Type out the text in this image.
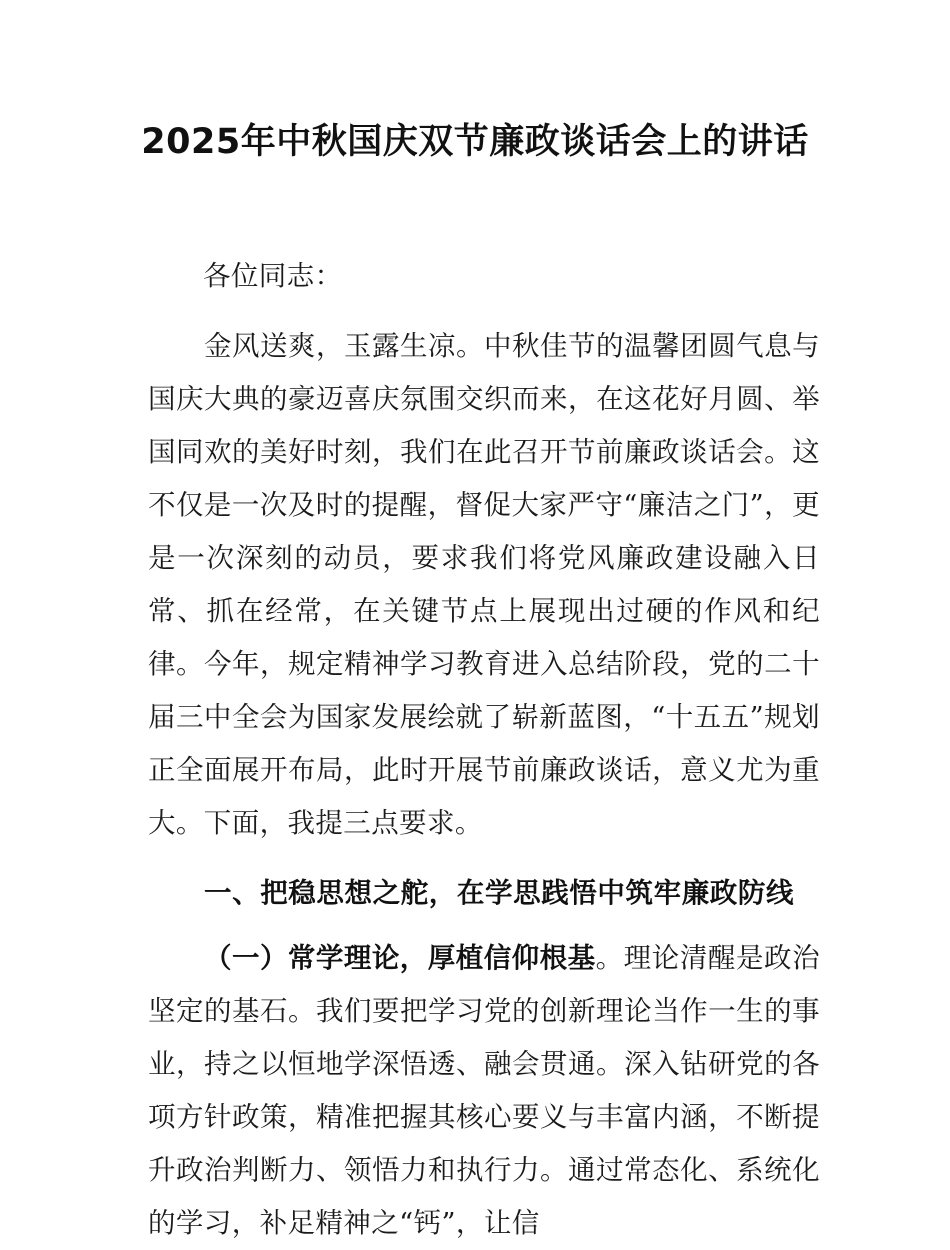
2025年中秋国庆双节廉政谈话会上的讲话

各位同志：

金风送爽，玉露生凉。中秋佳节的温馨团圆气息与国庆大典的豪迈喜庆氛围交织而来，在这花好月圆、举国同欢的美好时刻，我们在此召开节前廉政谈话会。这不仅是一次及时的提醒，督促大家严守“廉洁之门”，更是一次深刻的动员，要求我们将党风廉政建设融入日常、抓在经常，在关键节点上展现出过硬的作风和纪律。今年，规定精神学习教育进入总结阶段，党的二十届三中全会为国家发展绘就了崭新蓝图，“十五五”规划正全面展开布局，此时开展节前廉政谈话，意义尤为重大。下面，我提三点要求。

一、把稳思想之舵，在学思践悟中筑牢廉政防线

（一）常学理论，厚植信仰根基。理论清醒是政治坚定的基石。我们要把学习党的创新理论当作一生的事业，持之以恒地学深悟透、融会贯通。深入钻研党的各项方针政策，精准把握其核心要义与丰富内涵，不断提升政治判断力、领悟力和执行力。通过常态化、系统化的学习，补足精神之“钙”，让信
